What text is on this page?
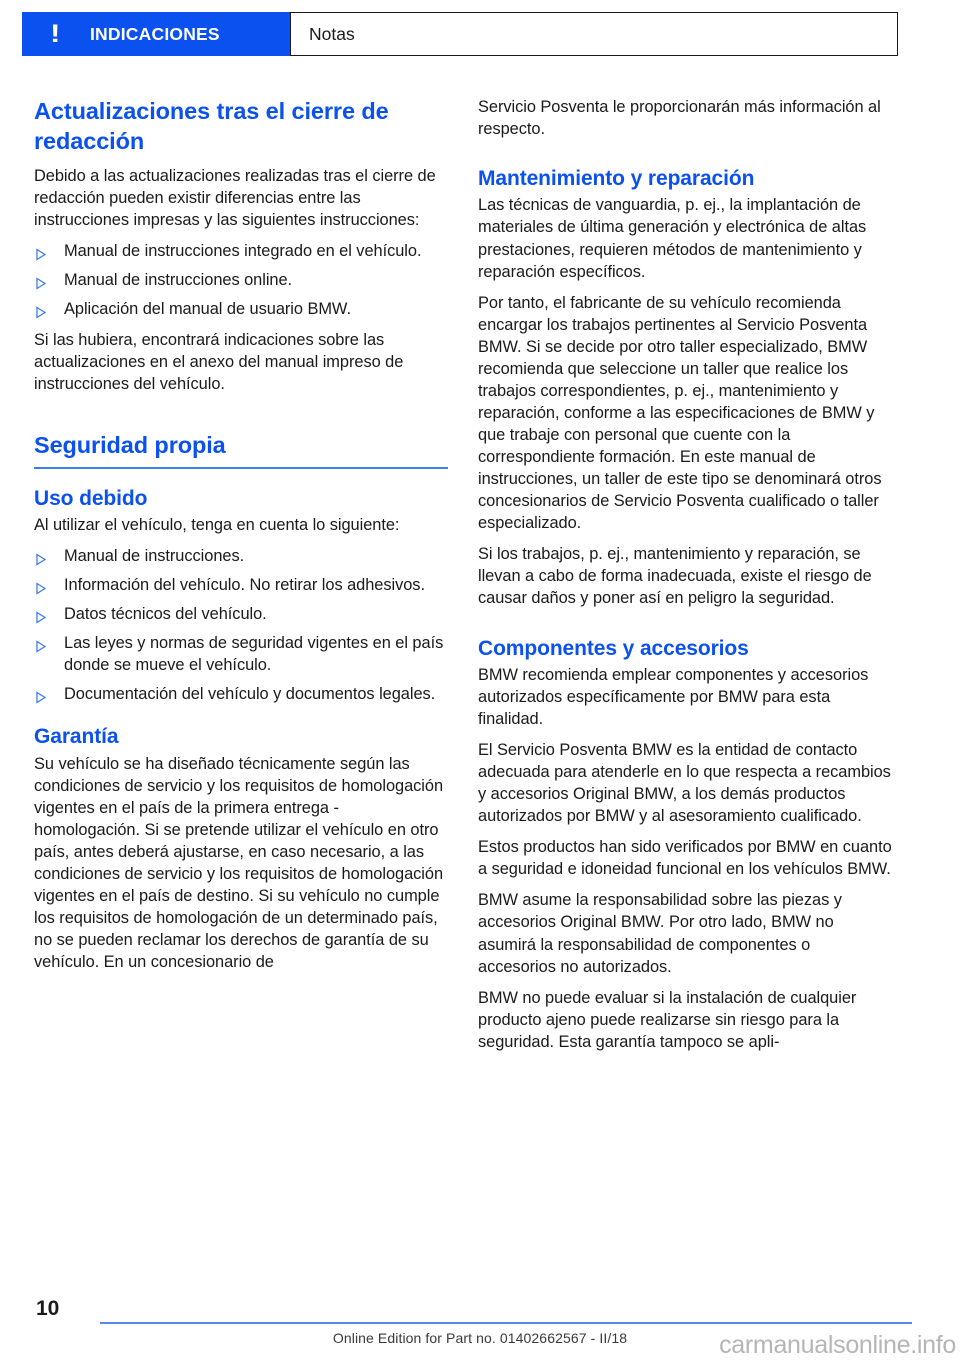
!	INDICACIONES	Notas
Actualizaciones tras el cierre de redacción

Debido a las actualizaciones realizadas tras el cierre de redacción pueden existir diferencias entre las instrucciones impresas y las siguientes instrucciones:

Manual de instrucciones integrado en el vehículo.
Manual de instrucciones online.
Aplicación del manual de usuario BMW.

Si las hubiera, encontrará indicaciones sobre las actualizaciones en el anexo del manual impreso de instrucciones del vehículo.

Seguridad propia
Uso debido

Al utilizar el vehículo, tenga en cuenta lo siguiente:

Manual de instrucciones.
Información del vehículo. No retirar los adhesivos.
Datos técnicos del vehículo.
Las leyes y normas de seguridad vigentes en el país donde se mueve el vehículo.
Documentación del vehículo y documentos legales.
Garantía

Su vehículo se ha diseñado técnicamente según las condiciones de servicio y los requisitos de homologación vigentes en el país de la primera entrega - homologación. Si se pretende utilizar el vehículo en otro país, antes deberá ajustarse, en caso necesario, a las condiciones de servicio y los requisitos de homologación vigentes en el país de destino. Si su vehículo no cumple los requisitos de homologación de un determinado país, no se pueden reclamar los derechos de garantía de su vehículo. En un concesionario de

Servicio Posventa le proporcionarán más información al respecto.

Mantenimiento y reparación

Las técnicas de vanguardia, p. ej., la implantación de materiales de última generación y electrónica de altas prestaciones, requieren métodos de mantenimiento y reparación específicos.

Por tanto, el fabricante de su vehículo recomienda encargar los trabajos pertinentes al Servicio Posventa BMW. Si se decide por otro taller especializado, BMW recomienda que seleccione un taller que realice los trabajos correspondientes, p. ej., mantenimiento y reparación, conforme a las especificaciones de BMW y que trabaje con personal que cuente con la correspondiente formación. En este manual de instrucciones, un taller de este tipo se denominará otros concesionarios de Servicio Posventa cualificado o taller especializado.

Si los trabajos, p. ej., mantenimiento y reparación, se llevan a cabo de forma inadecuada, existe el riesgo de causar daños y poner así en peligro la seguridad.

Componentes y accesorios

BMW recomienda emplear componentes y accesorios autorizados específicamente por BMW para esta finalidad.

El Servicio Posventa BMW es la entidad de contacto adecuada para atenderle en lo que respecta a recambios y accesorios Original BMW, a los demás productos autorizados por BMW y al asesoramiento cualificado.

Estos productos han sido verificados por BMW en cuanto a seguridad e idoneidad funcional en los vehículos BMW.

BMW asume la responsabilidad sobre las piezas y accesorios Original BMW. Por otro lado, BMW no asumirá la responsabilidad de componentes o accesorios no autorizados.

BMW no puede evaluar si la instalación de cualquier producto ajeno puede realizarse sin riesgo para la seguridad. Esta garantía tampoco se apli-

10
Online Edition for Part no. 01402662567 - II/18	carmanualsonline.info
